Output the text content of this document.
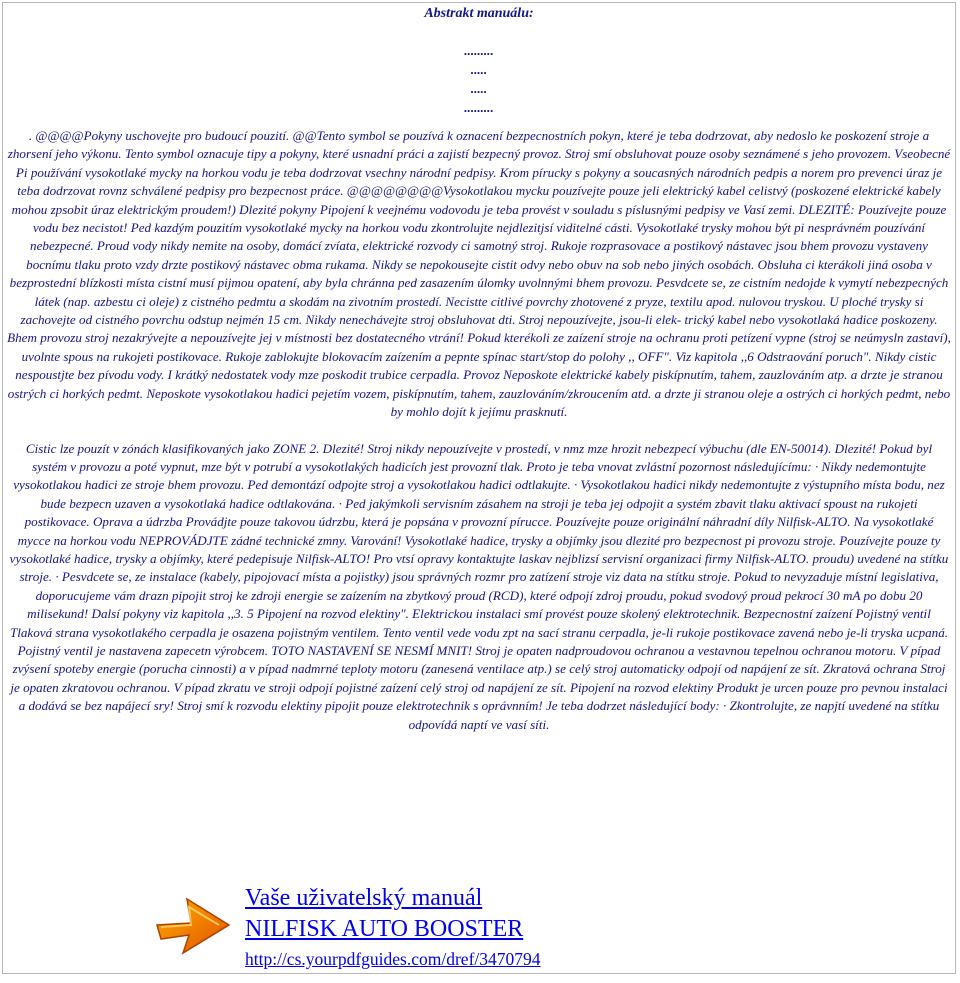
Abstrakt manuálu:
.........
.....
.....
.........

. @@@@Pokyny uschovejte pro budoucí pouzití. @@Tento symbol se pouzívá k oznacení bezpecnostních pokyn, které je teba dodrzovat, aby nedoslo ke poskození stroje a zhorsení jeho výkonu. Tento symbol oznacuje tipy a pokyny, které usnadní práci a zajistí bezpecný provoz. Stroj smí obsluhovat pouze osoby seznámené s jeho provozem. Vseobecné Pi používání vysokotlaké mycky na horkou vodu je teba dodrzovat vsechny národní pedpisy. Krom pírucky s pokyny a soucasných národních pedpis a norem pro prevenci úraz je teba dodrzovat rovnz schválené pedpisy pro bezpecnost práce. @@@@@@@@Vysokotlakou mycku pouzívejte pouze jeli elektrický kabel celistvý (poskozené elektrické kabely mohou zpsobit úraz elektrickým proudem!) Dlezité pokyny Pipojení k veejnému vodovodu je teba provést v souladu s píslusnými pedpisy ve Vasí zemi. DLEZITÉ: Pouzívejte pouze vodu bez necistot! Ped kazdým pouzitím vysokotlaké mycky na horkou vodu zkontrolujte nejdlezitjsí viditelné cásti. Vysokotlaké trysky mohou být pi nesprávném pouzívání nebezpecné. Proud vody nikdy nemite na osoby, domácí zvíata, elektrické rozvody ci samotný stroj. Rukoje rozprasovace a postikový nástavec jsou bhem provozu vystaveny bocnímu tlaku proto vzdy drzte postikový nástavec obma rukama. Nikdy se nepokousejte cistit odvy nebo obuv na sob nebo jiných osobách. Obsluha ci kterákoli jiná osoba v bezprostední blízkosti místa cistní musí pijmou opatení, aby byla chránna ped zasazením úlomky uvolnnými bhem provozu. Pesvdcete se, ze cistním nedojde k vymytí nebezpecných látek (nap. azbestu ci oleje) z cistného pedmtu a skodám na zivotním prostedí. Necistte citlivé povrchy zhotovené z pryze, textilu apod. nulovou tryskou. U ploché trysky si zachovejte od cistného povrchu odstup nejmén 15 cm. Nikdy nenechávejte stroj obsluhovat dti. Stroj nepouzívejte, jsou-li elek- trický kabel nebo vysokotlaká hadice poskozeny. Bhem provozu stroj nezakrývejte a nepouzívejte jej v místnosti bez dostatecného vtrání! Pokud kterékoli ze zaízení stroje na ochranu proti petízení vypne (stroj se neúmysln zastaví), uvolnte spous na rukojeti postikovace. Rukoje zablokujte blokovacím zaízením a pepnte spínac start/stop do polohy ,, OFF". Viz kapitola ,,6 Odstraování poruch". Nikdy cistic nespoustjte bez pívodu vody. I krátký nedostatek vody mze poskodit trubice cerpadla. Provoz Neposkote elektrické kabely piskípnutím, tahem, zauzlováním atp. a drzte je stranou ostrých ci horkých pedmt. Neposkote vysokotlakou hadici pejetím vozem, piskípnutím, tahem, zauzlováním/zkroucením atd. a drzte ji stranou oleje a ostrých ci horkých pedmt, nebo by mohlo dojít k jejímu prasknutí.

Cistic lze pouzít v zónách klasifikovaných jako ZONE 2. Dlezité! Stroj nikdy nepouzívejte v prostedí, v nmz mze hrozit nebezpecí výbuchu (dle EN-50014). Dlezité! Pokud byl systém v provozu a poté vypnut, mze být v potrubí a vysokotlakých hadicích jest provozní tlak. Proto je teba vnovat zvlástní pozornost následujícímu: · Nikdy nedemontujte vysokotlakou hadici ze stroje bhem provozu. Ped demontází odpojte stroj a vysokotlakou hadici odtlakujte. · Vysokotlakou hadici nikdy nedemontujte z výstupního místa bodu, nez bude bezpecn uzaven a vysokotlaká hadice odtlakována. · Ped jakýmkoli servisním zásahem na stroji je teba jej odpojit a systém zbavit tlaku aktivací spoust na rukojeti postikovace. Oprava a údrzba Provádjte pouze takovou údrzbu, která je popsána v provozní pírucce. Pouzívejte pouze originální náhradní díly Nilfisk-ALTO. Na vysokotlaké mycce na horkou vodu NEPROVÁDJTE zádné technické zmny. Varování! Vysokotlaké hadice, trysky a objímky jsou dlezité pro bezpecnost pi provozu stroje. Pouzívejte pouze ty vysokotlaké hadice, trysky a objímky, které pedepisuje Nilfisk-ALTO! Pro vtsí opravy kontaktujte laskav nejblizsí servisní organizaci firmy Nilfisk-ALTO. proudu) uvedené na stítku stroje. · Pesvdcete se, ze instalace (kabely, pipojovací místa a pojistky) jsou správných rozmr pro zatízení stroje viz data na stítku stroje. Pokud to nevyzaduje místní legislativa, doporucujeme vám drazn pipojit stroj ke zdroji energie se zaízením na zbytkový proud (RCD), které odpojí zdroj proudu, pokud svodový proud pekrocí 30 mA po dobu 20 milisekund! Dalsí pokyny viz kapitola ,,3. 5 Pipojení na rozvod elektiny". Elektrickou instalaci smí provést pouze skolený elektrotechnik. Bezpecnostní zaízení Pojistný ventil Tlaková strana vysokotlakého cerpadla je osazena pojistným ventilem. Tento ventil vede vodu zpt na sací stranu cerpadla, je-li rukoje postikovace zavená nebo je-li tryska ucpaná. Pojistný ventil je nastavena zapecetn výrobcem. TOTO NASTAVENÍ SE NESMÍ MNIT! Stroj je opaten nadproudovou ochranou a vestavnou tepelnou ochranou motoru. V pípad zvýsení spoteby energie (porucha cinnosti) a v pípad nadmrné teploty motoru (zanesená ventilace atp.) se celý stroj automaticky odpojí od napájení ze sít. Zkratová ochrana Stroj je opaten zkratovou ochranou. V pípad zkratu ve stroji odpojí pojistné zaízení celý stroj od napájení ze sít. Pipojení na rozvod elektiny Produkt je urcen pouze pro pevnou instalaci a dodává se bez napájecí sry! Stroj smí k rozvodu elektiny pipojit pouze elektrotechnik s oprávnním! Je teba dodrzet následující body: · Zkontrolujte, ze napjtí uvedené na stítku odpovídá naptí ve vasí síti.

Vaše uživatelský manuál
NILFISK AUTO BOOSTER
http://cs.yourpdfguides.com/dref/3470794
